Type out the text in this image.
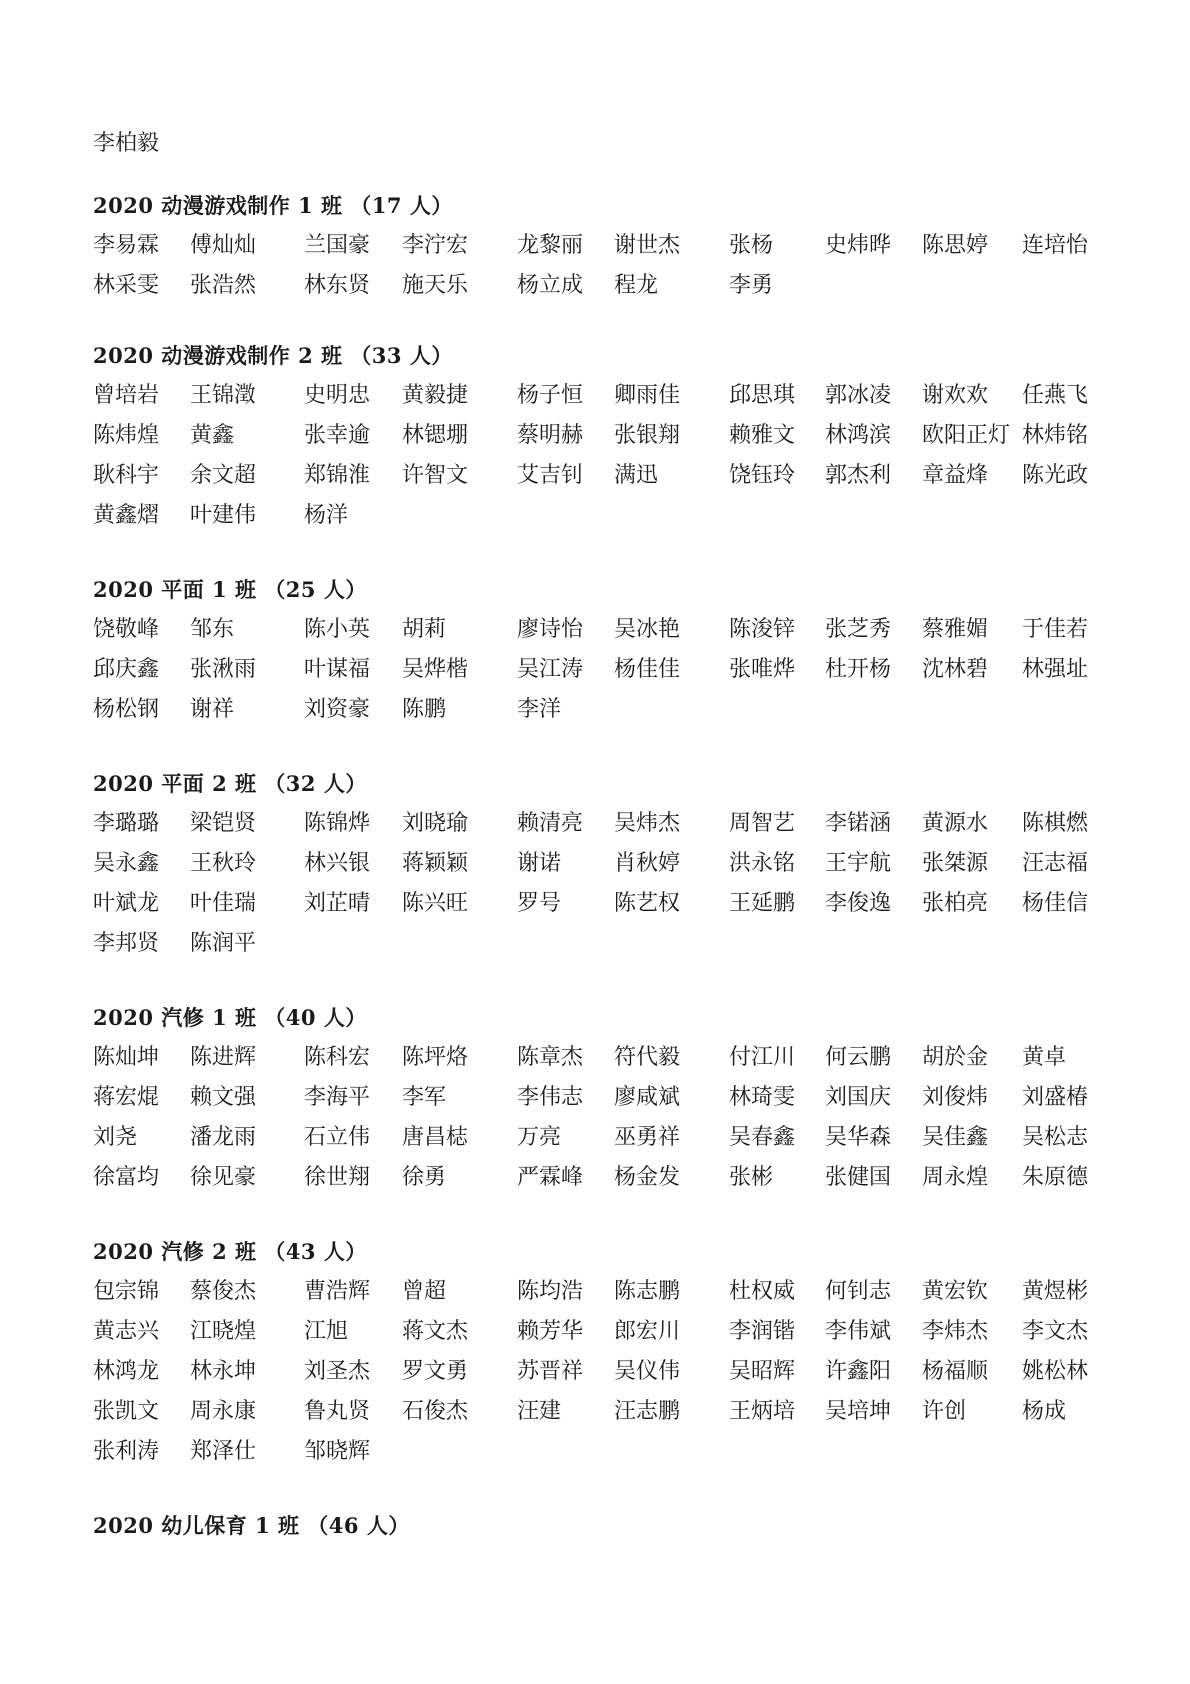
李柏毅
2020 动漫游戏制作 1 班 （17 人）
李易霖	傅灿灿	兰国豪	李泞宏	龙黎丽	谢世杰	张杨	史炜晔	陈思婷	连培怡
林采雯	张浩然	林东贤	施天乐	杨立成	程龙	李勇
2020 动漫游戏制作 2 班 （33 人）
曾培岩	王锦澂	史明忠	黄毅捷	杨子恒	卿雨佳	邱思琪	郭冰凌	谢欢欢	任燕飞
陈炜煌	黄鑫	张幸逾	林锶堋	蔡明赫	张银翔	赖雅文	林鸿滨	欧阳正灯 林炜铭
耿科宇	余文超	郑锦淮	许智文	艾吉钊	满迅	饶钰玲	郭杰利	章益烽	陈光政
黄鑫熠	叶建伟	杨洋
2020 平面 1 班 （25 人）
饶敬峰	邹东	陈小英	胡莉	廖诗怡	吴冰艳	陈浚锌	张芝秀	蔡雅媚	于佳若
邱庆鑫	张湫雨	叶谋福	吴烨楷	吴江涛	杨佳佳	张唯烨	杜开杨	沈林碧	林强址
杨松钢	谢祥	刘资豪	陈鹏	李洋
2020 平面 2 班 （32 人）
李璐璐	梁铠贤	陈锦烨	刘晓瑜	赖清亮	吴炜杰	周智艺	李锘涵	黄源水	陈棋燃
吴永鑫	王秋玲	林兴银	蒋颖颖	谢诺	肖秋婷	洪永铭	王宇航	张桀源	汪志福
叶斌龙	叶佳瑞	刘芷晴	陈兴旺	罗号	陈艺权	王延鹏	李俊逸	张柏亮	杨佳信
李邦贤	陈润平
2020 汽修 1 班 （40 人）
陈灿坤	陈进辉	陈科宏	陈坪烙	陈章杰	符代毅	付江川	何云鹏	胡於金	黄卓
蒋宏焜	赖文强	李海平	李军	李伟志	廖咸斌	林琦雯	刘国庆	刘俊炜	刘盛椿
刘尧	潘龙雨	石立伟	唐昌梽	万亮	巫勇祥	吴春鑫	吴华森	吴佳鑫	吴松志
徐富均	徐见豪	徐世翔	徐勇	严霖峰	杨金发	张彬	张健国	周永煌	朱原德
2020 汽修 2 班 （43 人）
包宗锦	蔡俊杰	曹浩辉	曾超	陈均浩	陈志鹏	杜权威	何钊志	黄宏钦	黄煜彬
黄志兴	江晓煌	江旭	蒋文杰	赖芳华	郎宏川	李润锴	李伟斌	李炜杰	李文杰
林鸿龙	林永坤	刘圣杰	罗文勇	苏晋祥	吴仪伟	吴昭辉	许鑫阳	杨福顺	姚松林
张凯文	周永康	鲁丸贤	石俊杰	汪建	汪志鹏	王炳培	吴培坤	许创	杨成
张利涛	郑泽仕	邹晓辉
2020 幼儿保育 1 班 （46 人）
